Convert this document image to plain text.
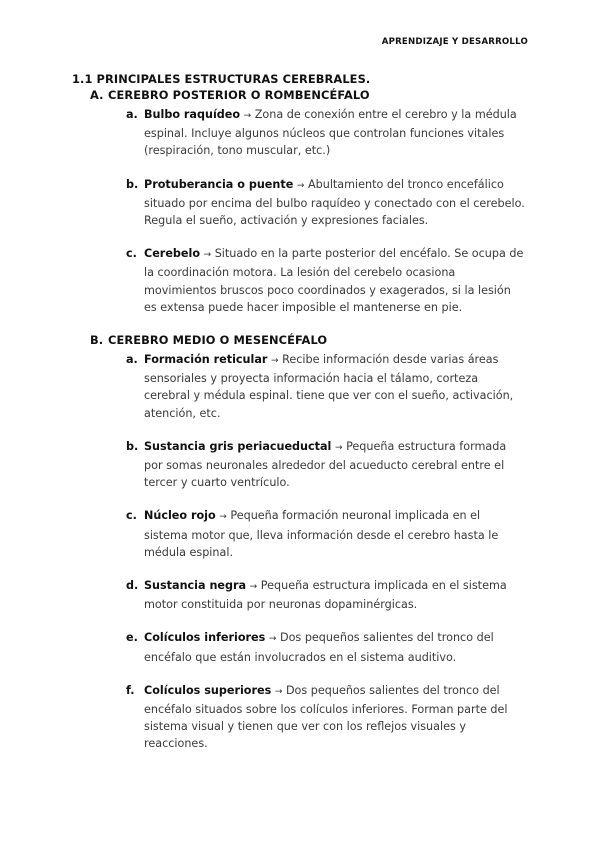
APRENDIZAJE Y DESARROLLO
1.1 PRINCIPALES ESTRUCTURAS CEREBRALES.
A. CEREBRO POSTERIOR O ROMBENCÉFALO
a. Bulbo raquídeo → Zona de conexión entre el cerebro y la médula espinal. Incluye algunos núcleos que controlan funciones vitales (respiración, tono muscular, etc.)
b. Protuberancia o puente → Abultamiento del tronco encefálico situado por encima del bulbo raquídeo y conectado con el cerebelo. Regula el sueño, activación y expresiones faciales.
c. Cerebelo → Situado en la parte posterior del encéfalo. Se ocupa de la coordinación motora. La lesión del cerebelo ocasiona movimientos bruscos poco coordinados y exagerados, si la lesión es extensa puede hacer imposible el mantenerse en pie.
B. CEREBRO MEDIO O MESENCÉFALO
a. Formación reticular → Recibe información desde varias áreas sensoriales y proyecta información hacia el tálamo, corteza cerebral y médula espinal. tiene que ver con el sueño, activación, atención, etc.
b. Sustancia gris periacueductal → Pequeña estructura formada por somas neuronales alrededor del acueducto cerebral entre el tercer y cuarto ventrículo.
c. Núcleo rojo → Pequeña formación neuronal implicada en el sistema motor que, lleva información desde el cerebro hasta le médula espinal.
d. Sustancia negra → Pequeña estructura implicada en el sistema motor constituida por neuronas dopaminérgicas.
e. Colículos inferiores → Dos pequeños salientes del tronco del encéfalo que están involucrados en el sistema auditivo.
f. Colículos superiores → Dos pequeños salientes del tronco del encéfalo situados sobre los colículos inferiores. Forman parte del sistema visual y tienen que ver con los reflejos visuales y reacciones.
